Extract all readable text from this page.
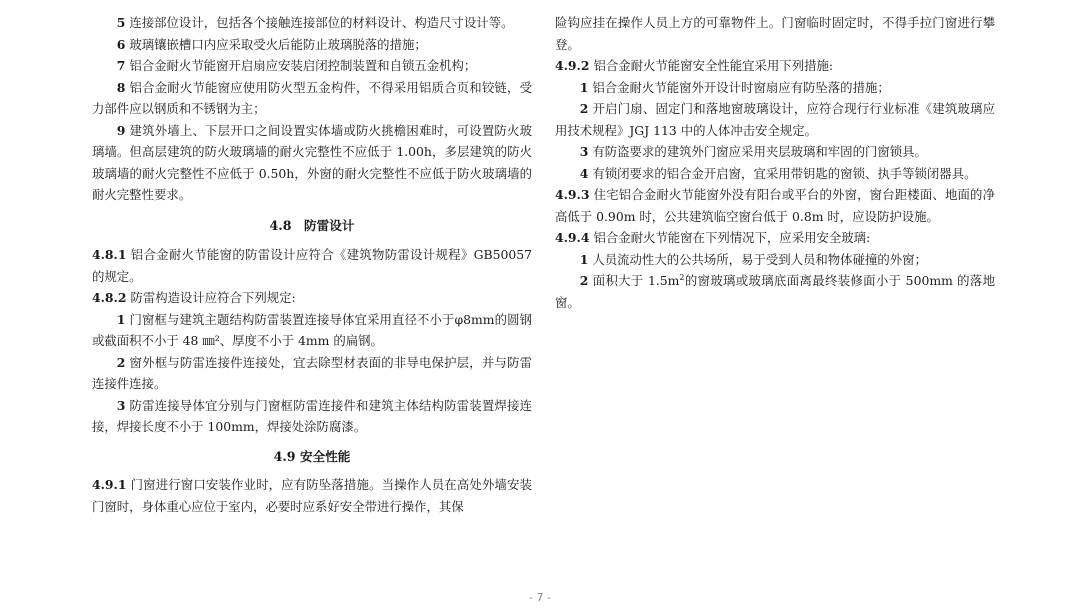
5 连接部位设计，包括各个接触连接部位的材料设计、构造尺寸设计等。

6 玻璃镶嵌槽口内应采取受火后能防止玻璃脱落的措施；

7 铝合金耐火节能窗开启扇应安装启闭控制装置和自锁五金机构；

8 铝合金耐火节能窗应使用防火型五金构件，不得采用铝质合页和铰链，受力部件应以钢质和不锈钢为主；

9 建筑外墙上、下层开口之间设置实体墙或防火挑檐困难时，可设置防火玻璃墙。但高层建筑的防火玻璃墙的耐火完整性不应低于 1.00h，多层建筑的防火玻璃墙的耐火完整性不应低于 0.50h，外窗的耐火完整性不应低于防火玻璃墙的耐火完整性要求。

4.8　防雷设计

4.8.1 铝合金耐火节能窗的防雷设计应符合《建筑物防雷设计规程》GB50057的规定。

4.8.2 防雷构造设计应符合下列规定:

1 门窗框与建筑主题结构防雷装置连接导体宜采用直径不小于φ8mm的圆钢或截面积不小于 48 ㎜²、厚度不小于 4mm 的扁钢。

2 窗外框与防雷连接件连接处，宜去除型材表面的非导电保护层，并与防雷连接件连接。

3 防雷连接导体宜分别与门窗框防雷连接件和建筑主体结构防雷装置焊接连接，焊接长度不小于 100mm，焊接处涂防腐漆。

4.9 安全性能

4.9.1 门窗进行窗口安装作业时，应有防坠落措施。当操作人员在高处外墙安装门窗时，身体重心应位于室内，必要时应系好安全带进行操作，其保

险钩应挂在操作人员上方的可靠物件上。门窗临时固定时，不得手拉门窗进行攀登。

4.9.2 铝合金耐火节能窗安全性能宜采用下列措施:

1 铝合金耐火节能窗外开设计时窗扇应有防坠落的措施；

2 开启门扇、固定门和落地窗玻璃设计，应符合现行行业标准《建筑玻璃应用技术规程》JGJ 113 中的人体冲击安全规定。

3 有防盗要求的建筑外门窗应采用夹层玻璃和牢固的门窗锁具。

4 有锁闭要求的铝合金开启窗，宜采用带钥匙的窗锁、执手等锁闭器具。

4.9.3 住宅铝合金耐火节能窗外没有阳台或平台的外窗，窗台距楼面、地面的净高低于 0.90m 时，公共建筑临空窗台低于 0.8m 时，应设防护设施。

4.9.4 铝合金耐火节能窗在下列情况下，应采用安全玻璃:

1 人员流动性大的公共场所，易于受到人员和物体碰撞的外窗；

2 面积大于 $1.5m^2$的窗玻璃或玻璃底面离最终装修面小于 500mm 的落地窗。

- 7 -
